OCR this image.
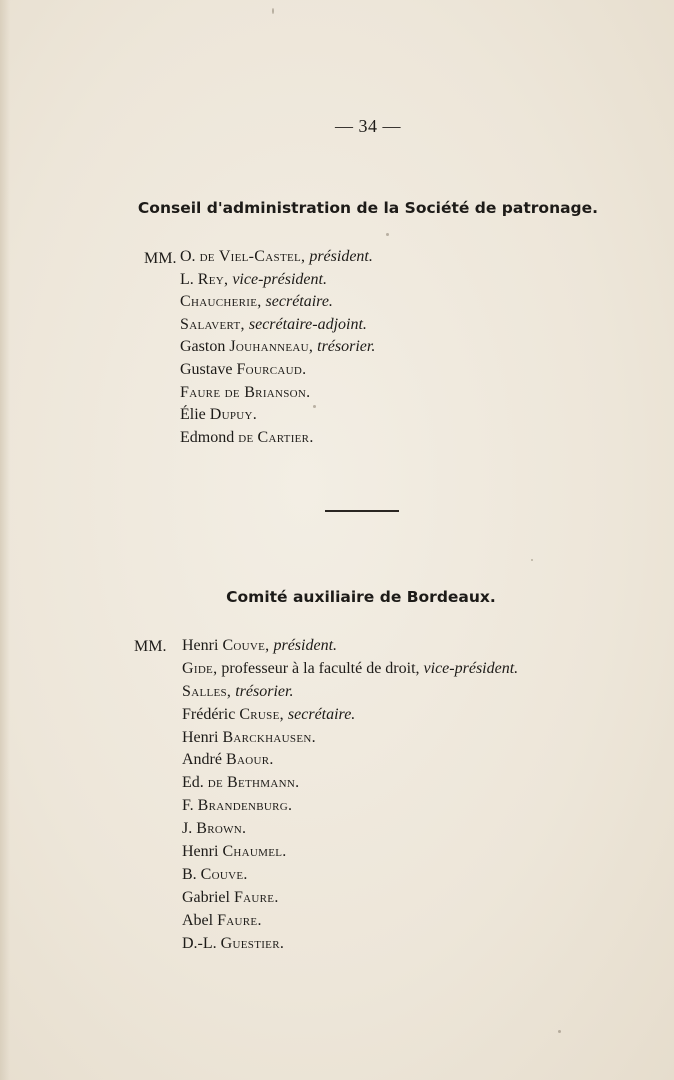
— 34 —
Conseil d'administration de la Société de patronage.
MM. O. de Viel-Castel, président.
L. Rey, vice-président.
Chaucherie, secrétaire.
Salavert, secrétaire-adjoint.
Gaston Jouhanneau, trésorier.
Gustave Fourcaud.
Faure de Brianson.
Élie Dupuy.
Edmond de Cartier.
Comité auxiliaire de Bordeaux.
MM. Henri Couve, président.
Gide, professeur à la faculté de droit, vice-président.
Salles, trésorier.
Frédéric Cruse, secrétaire.
Henri Barckhausen.
André Baour.
Ed. de Bethmann.
F. Brandenburg.
J. Brown.
Henri Chaumel.
B. Couve.
Gabriel Faure.
Abel Faure.
D.-L. Guestier.
